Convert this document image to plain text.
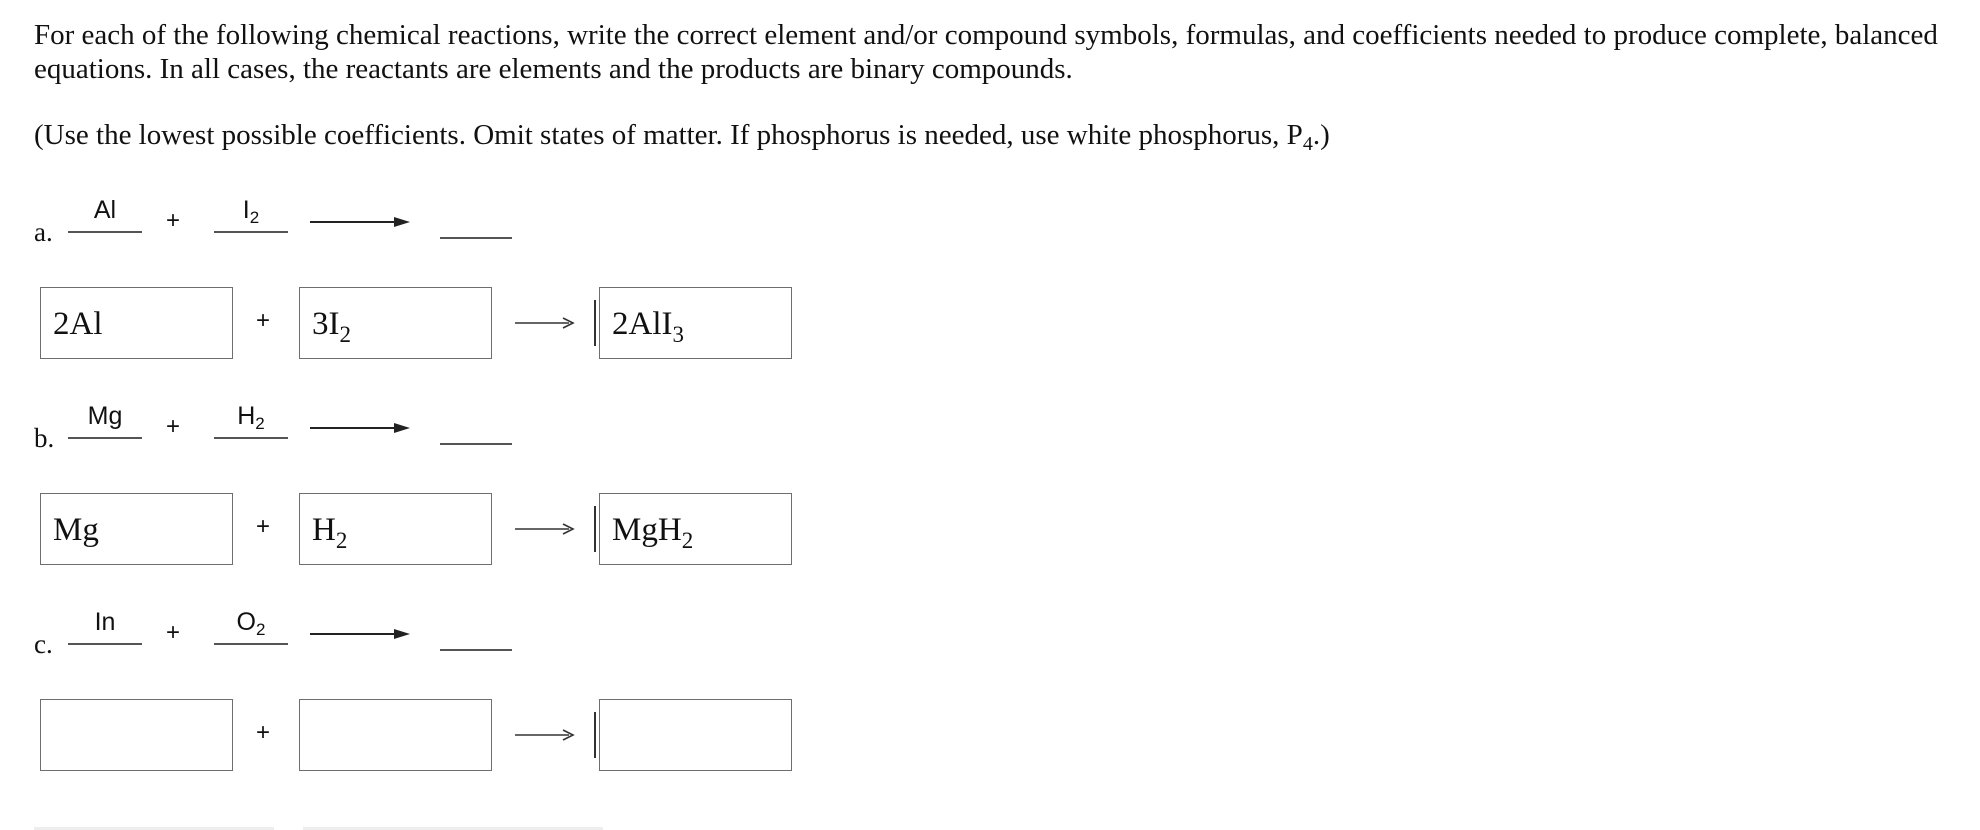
For each of the following chemical reactions, write the correct element and/or compound symbols, formulas, and coefficients needed to produce complete, balanced equations. In all cases, the reactants are elements and the products are binary compounds.
(Use the lowest possible coefficients. Omit states of matter. If phosphorus is needed, use white phosphorus, $P_4$.)
a.
Al	+	$I_2$
2Al	+	$3I_2$	2AlI$_3$
b.
Mg	+	$H_2$
Mg	+	$H_2$	MgH$_2$
c.
In	+	$O_2$
+
